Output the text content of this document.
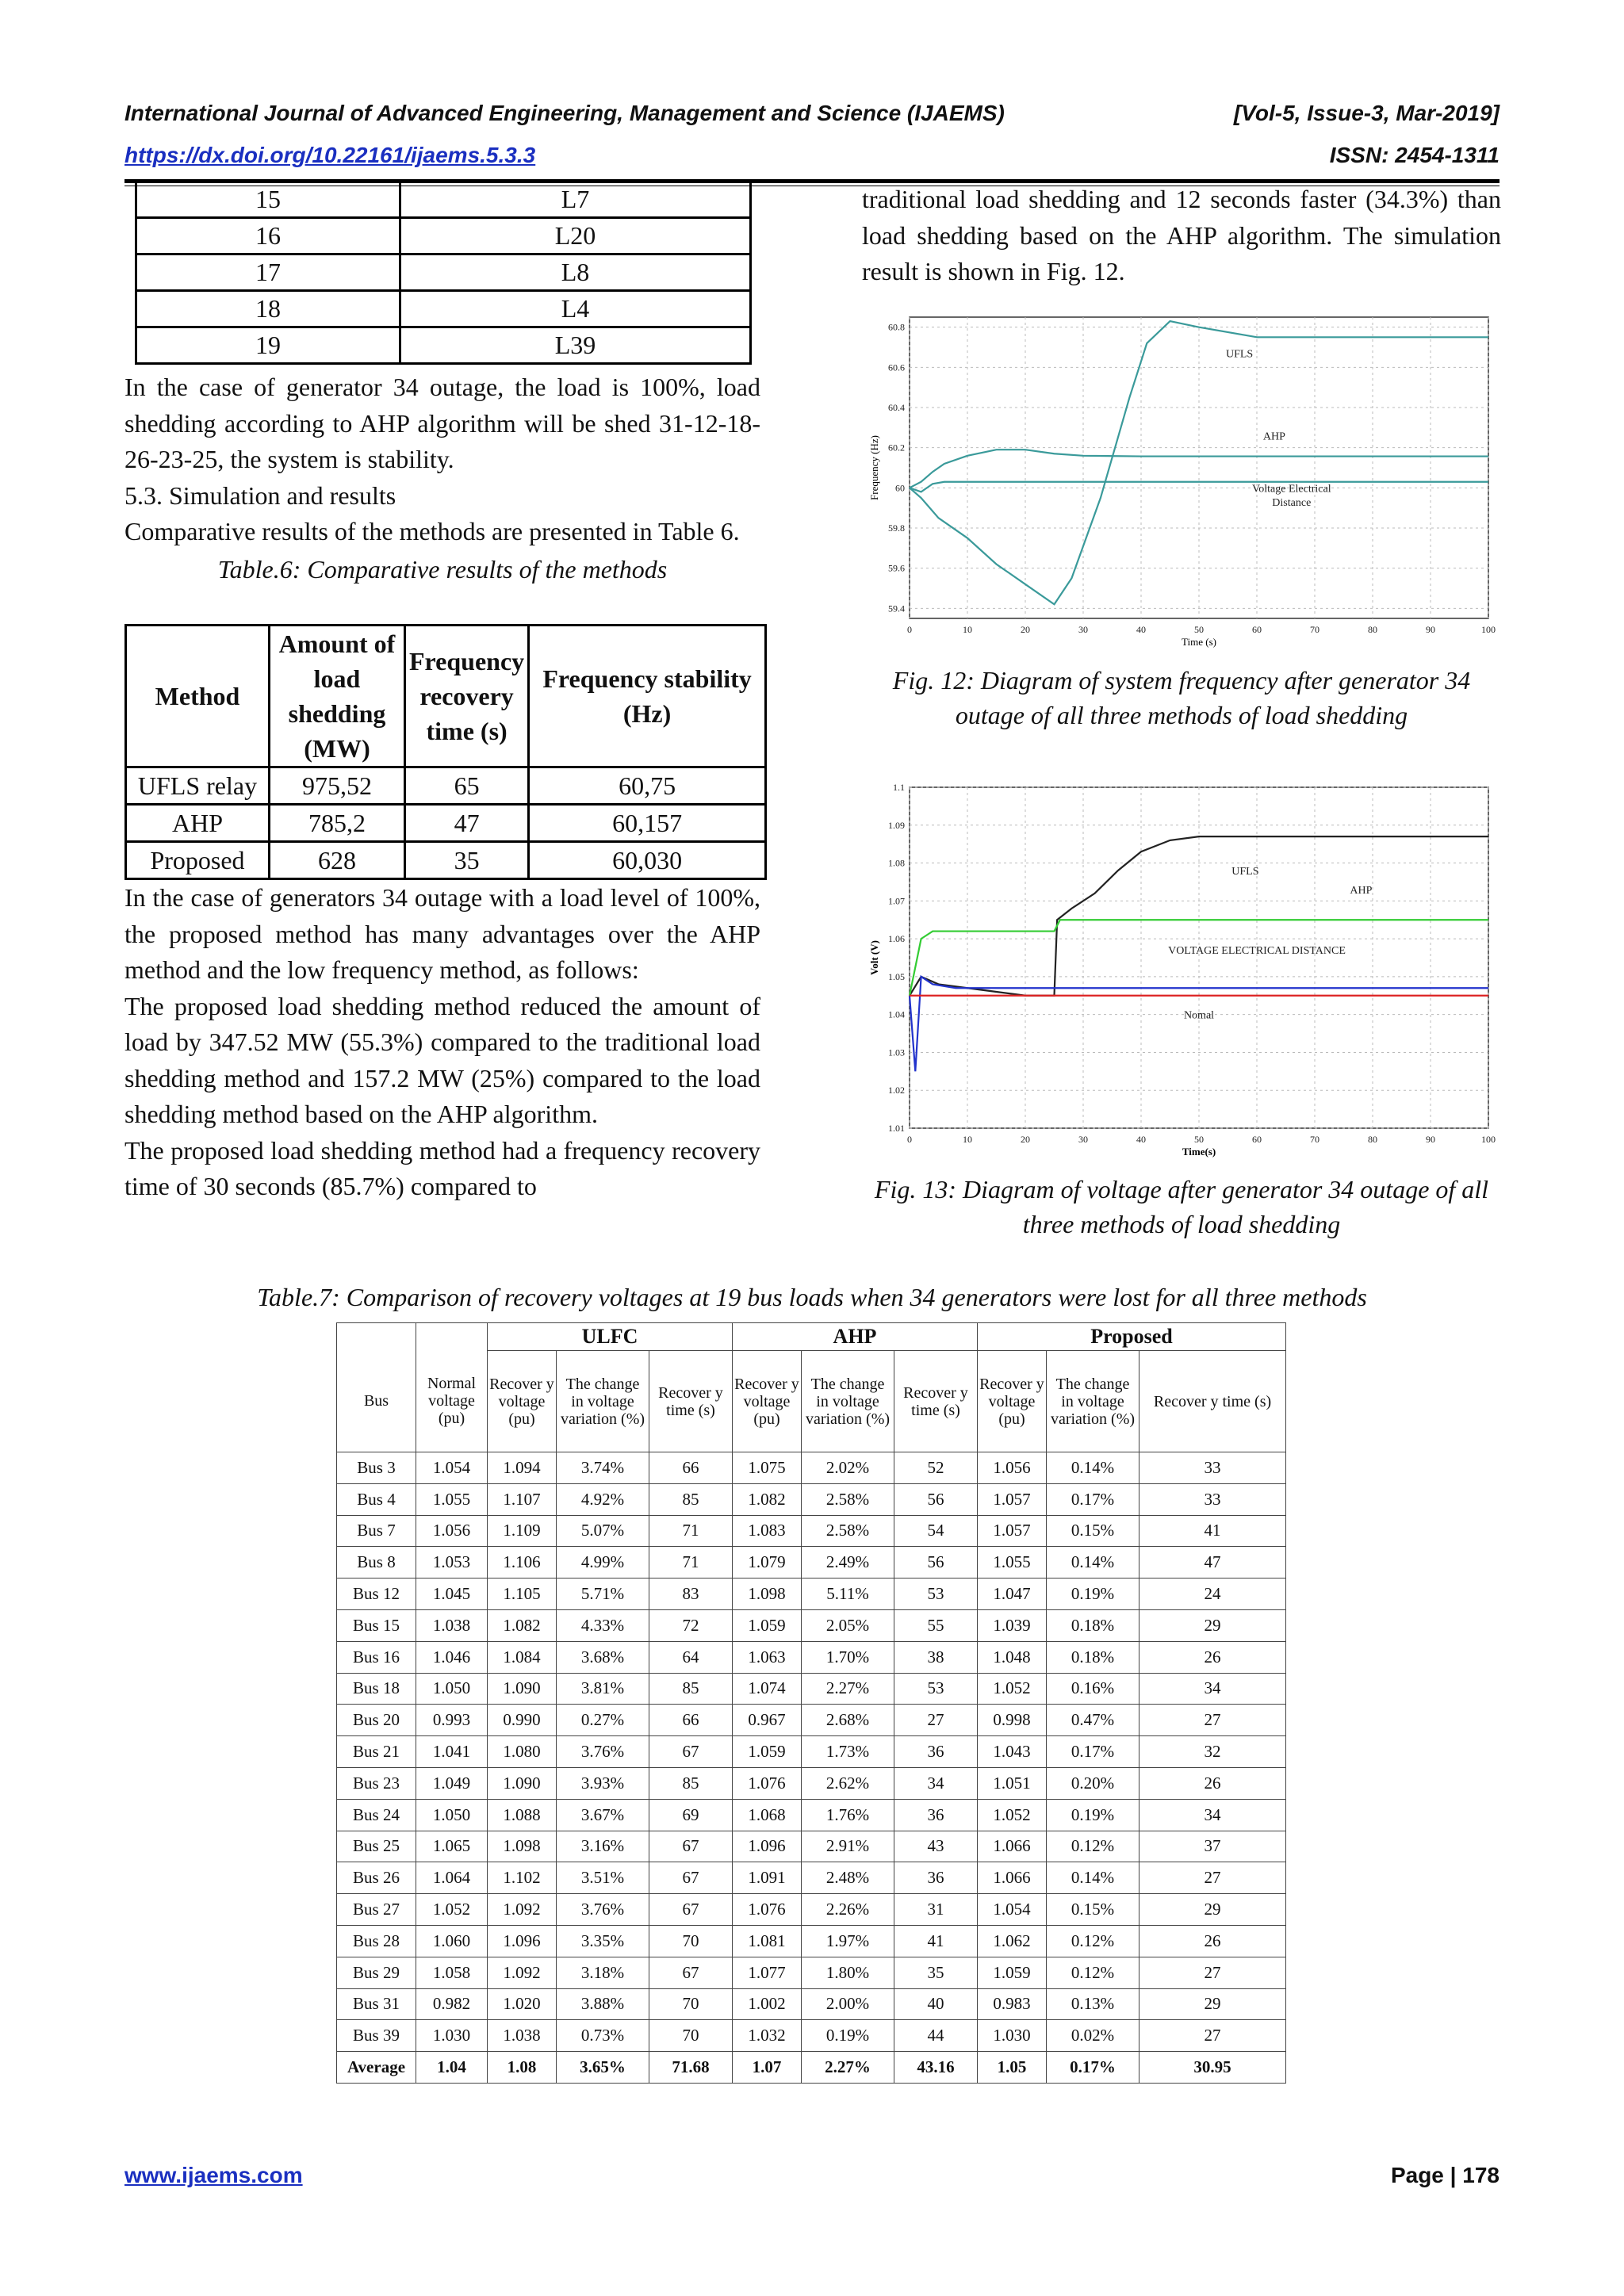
International Journal of Advanced Engineering, Management and Science (IJAEMS)	[Vol-5, Issue-3, Mar-2019]
https://dx.doi.org/10.22161/ijaems.5.3.3	ISSN: 2454-1311
15	L7
16	L20
17	L8
18	L4
19	L39

In the case of generator 34 outage, the load is 100%, load shedding according to AHP algorithm will be shed 31-12-18-26-23-25, the system is stability.

5.3. Simulation and results

Comparative results of the methods are presented in Table 6.

Table.6: Comparative results of the methods

Method	Amount of load shedding (MW)	Frequency recovery time (s)	Frequency stability (Hz)
UFLS relay	975,52	65	60,75
AHP	785,2	47	60,157
Proposed	628	35	60,030

In the case of generators 34 outage with a load level of 100%, the proposed method has many advantages over the AHP method and the low frequency method, as follows:

The proposed load shedding method reduced the amount of load by 347.52 MW (55.3%) compared to the traditional load shedding method and 157.2 MW (25%) compared to the load shedding method based on the AHP algorithm.

The proposed load shedding method had a frequency recovery time of 30 seconds (85.7%) compared to

traditional load shedding and 12 seconds faster (34.3%) than load shedding based on the AHP algorithm. The simulation result is shown in Fig. 12.

0	10	20	30	40	50	60	70	80	90	100
59.4
59.6
59.8
60
60.2
60.4
60.6
60.8
Time (s)
Frequency (Hz)
UFLS
AHP
Voltage Electrical
Distance
Fig. 12: Diagram of system frequency after generator 34 outage of all three methods of load shedding
0	10	20	30	40	50	60	70	80	90	100
1.01
1.02
1.03
1.04
1.05
1.06
1.07
1.08
1.09
1.1
Time(s)
Volt (V)
UFLS
AHP
VOLTAGE ELECTRICAL DISTANCE
Nomal
Fig. 13: Diagram of voltage after generator 34 outage of all three methods of load shedding
Table.7: Comparison of recovery voltages at 19 bus loads when 34 generators were lost for all three methods
		ULFC			AHP			Proposed		
Bus	Normal voltage (pu)	Recover y voltage (pu)	The change in voltage variation (%)	Recover y time (s)	Recover y voltage (pu)	The change in voltage variation (%)	Recover y time (s)	Recover y voltage (pu)	The change in voltage variation (%)	Recover y time (s)
Bus 3	1.054	1.094	3.74%	66	1.075	2.02%	52	1.056	0.14%	33
Bus 4	1.055	1.107	4.92%	85	1.082	2.58%	56	1.057	0.17%	33
Bus 7	1.056	1.109	5.07%	71	1.083	2.58%	54	1.057	0.15%	41
Bus 8	1.053	1.106	4.99%	71	1.079	2.49%	56	1.055	0.14%	47
Bus 12	1.045	1.105	5.71%	83	1.098	5.11%	53	1.047	0.19%	24
Bus 15	1.038	1.082	4.33%	72	1.059	2.05%	55	1.039	0.18%	29
Bus 16	1.046	1.084	3.68%	64	1.063	1.70%	38	1.048	0.18%	26
Bus 18	1.050	1.090	3.81%	85	1.074	2.27%	53	1.052	0.16%	34
Bus 20	0.993	0.990	0.27%	66	0.967	2.68%	27	0.998	0.47%	27
Bus 21	1.041	1.080	3.76%	67	1.059	1.73%	36	1.043	0.17%	32
Bus 23	1.049	1.090	3.93%	85	1.076	2.62%	34	1.051	0.20%	26
Bus 24	1.050	1.088	3.67%	69	1.068	1.76%	36	1.052	0.19%	34
Bus 25	1.065	1.098	3.16%	67	1.096	2.91%	43	1.066	0.12%	37
Bus 26	1.064	1.102	3.51%	67	1.091	2.48%	36	1.066	0.14%	27
Bus 27	1.052	1.092	3.76%	67	1.076	2.26%	31	1.054	0.15%	29
Bus 28	1.060	1.096	3.35%	70	1.081	1.97%	41	1.062	0.12%	26
Bus 29	1.058	1.092	3.18%	67	1.077	1.80%	35	1.059	0.12%	27
Bus 31	0.982	1.020	3.88%	70	1.002	2.00%	40	0.983	0.13%	29
Bus 39	1.030	1.038	0.73%	70	1.032	0.19%	44	1.030	0.02%	27
Average	1.04	1.08	3.65%	71.68	1.07	2.27%	43.16	1.05	0.17%	30.95
www.ijaems.com	Page | 178
